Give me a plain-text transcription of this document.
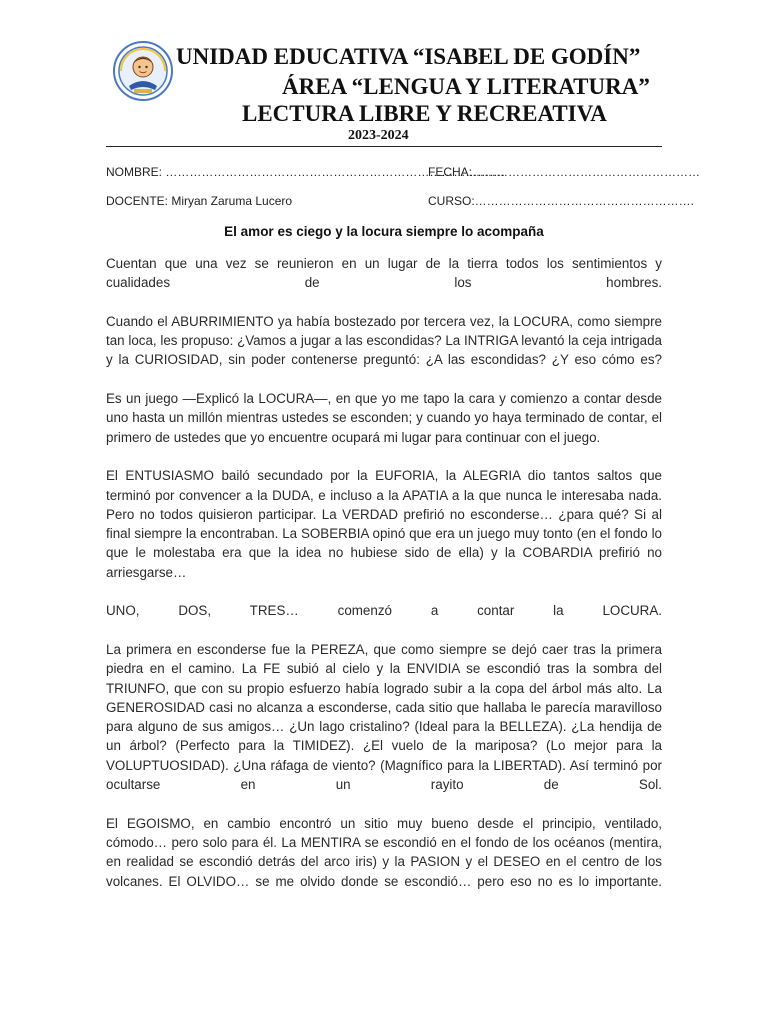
UNIDAD EDUCATIVA “ISABEL DE GODÍN”
ÁREA “LENGUA Y LITERATURA”
LECTURA LIBRE Y RECREATIVA
2023-2024
NOMBRE: ………………………………………………………………………….
FECHA:…………………………………………………
DOCENTE: Miryan Zaruma Lucero	CURSO:……………………………………………….
El amor es ciego y la locura siempre lo acompaña

Cuentan que una vez se reunieron en un lugar de la tierra todos los sentimientos y cualidades de los hombres.

Cuando el ABURRIMIENTO ya había bostezado por tercera vez, la LOCURA, como siempre tan loca, les propuso: ¿Vamos a jugar a las escondidas? La INTRIGA levantó la ceja intrigada y la CURIOSIDAD, sin poder contenerse preguntó: ¿A las escondidas? ¿Y eso cómo es?

Es un juego —Explicó la LOCURA—, en que yo me tapo la cara y comienzo a contar desde uno hasta un millón mientras ustedes se esconden; y cuando yo haya terminado de contar, el primero de ustedes que yo encuentre ocupará mi lugar para continuar con el juego.

El ENTUSIASMO bailó secundado por la EUFORIA, la ALEGRIA dio tantos saltos que terminó por convencer a la DUDA, e incluso a la APATIA a la que nunca le interesaba nada. Pero no todos quisieron participar. La VERDAD prefirió no esconderse… ¿para qué? Si al final siempre la encontraban. La SOBERBIA opinó que era un juego muy tonto (en el fondo lo que le molestaba era que la idea no hubiese sido de ella) y la COBARDIA prefirió no arriesgarse…

UNO, DOS, TRES… comenzó a contar la LOCURA.

La primera en esconderse fue la PEREZA, que como siempre se dejó caer tras la primera piedra en el camino. La FE subió al cielo y la ENVIDIA se escondió tras la sombra del TRIUNFO, que con su propio esfuerzo había logrado subir a la copa del árbol más alto. La GENEROSIDAD casi no alcanza a esconderse, cada sitio que hallaba le parecía maravilloso para alguno de sus amigos… ¿Un lago cristalino? (Ideal para la BELLEZA). ¿La hendija de un árbol? (Perfecto para la TIMIDEZ). ¿El vuelo de la mariposa? (Lo mejor para la VOLUPTUOSIDAD). ¿Una ráfaga de viento? (Magnífico para la LIBERTAD). Así terminó por ocultarse en un rayito de Sol.

El EGOISMO, en cambio encontró un sitio muy bueno desde el principio, ventilado, cómodo… pero solo para él. La MENTIRA se escondió en el fondo de los océanos (mentira, en realidad se escondió detrás del arco iris) y la PASION y el DESEO en el centro de los volcanes. El OLVIDO… se me olvido donde se escondió… pero eso no es lo importante.
